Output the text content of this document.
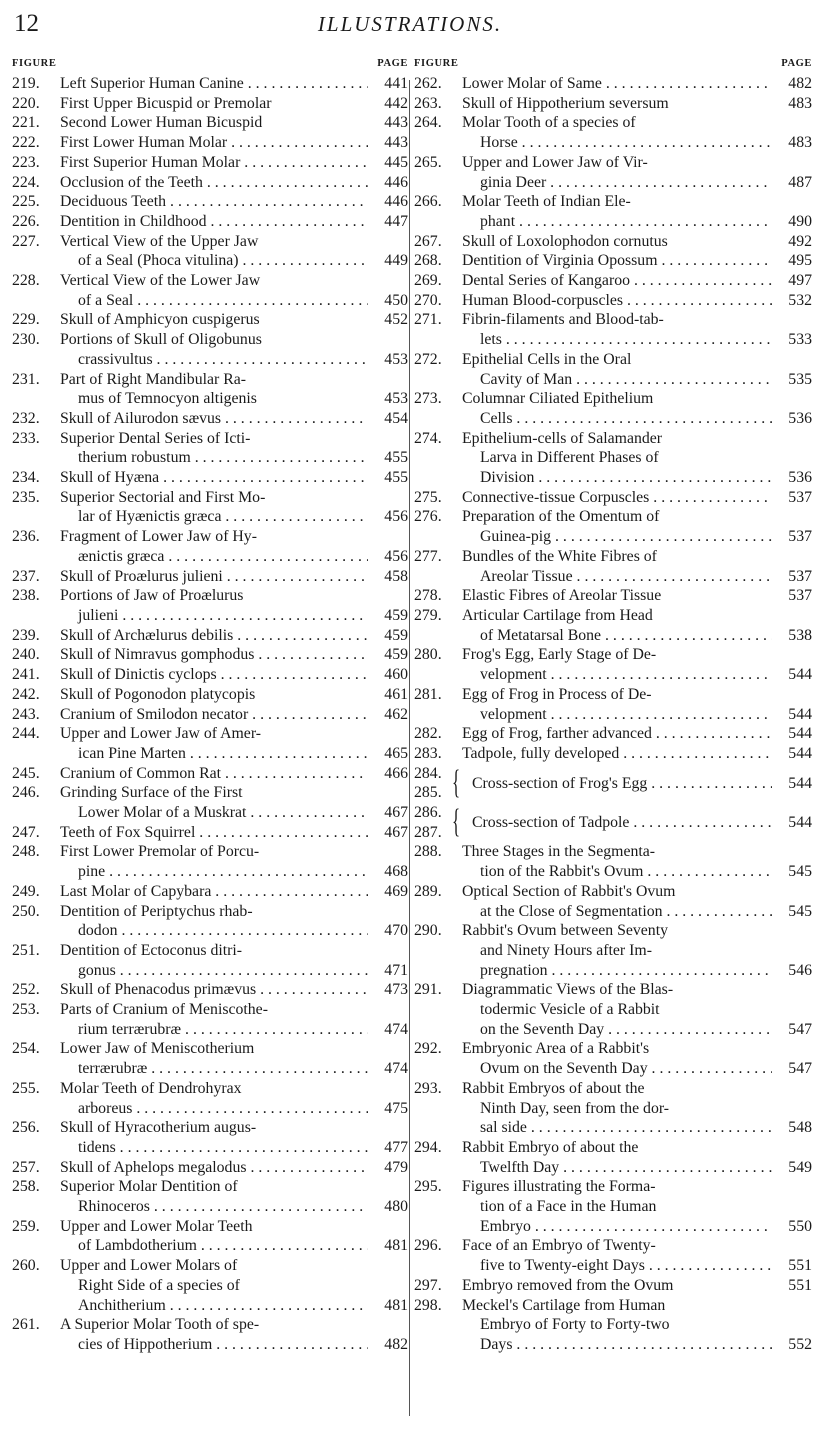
12	ILLUSTRATIONS.
FIGURE	PAGE
219.	Left Superior Human Canine . . .	441
220.	First Upper Bicuspid or Premolar	442
221.	Second Lower Human Bicuspid	443
222.	First Lower Human Molar . . .	443
223.	First Superior Human Molar . . .	445
224.	Occlusion of the Teeth . . .	446
225.	Deciduous Teeth . . .	446
226.	Dentition in Childhood . . .	447
227.	Vertical View of the Upper Jaw
of a Seal (Phoca vitulina) . . .	449
228.	Vertical View of the Lower Jaw
of a Seal . . .	450
229.	Skull of Amphicyon cuspigerus	452
230.	Portions of Skull of Oligobunus
crassivultus . . .	453
231.	Part of Right Mandibular Ra-
mus of Temnocyon altigenis	453
232.	Skull of Ailurodon sævus . . .	454
233.	Superior Dental Series of Icti-
therium robustum . . .	455
234.	Skull of Hyæna . . .	455
235.	Superior Sectorial and First Mo-
lar of Hyænictis græca . . .	456
236.	Fragment of Lower Jaw of Hy-
ænictis græca . . .	456
237.	Skull of Proælurus julieni . . .	458
238.	Portions of Jaw of Proælurus
julieni . . .	459
239.	Skull of Archælurus debilis . . .	459
240.	Skull of Nimravus gomphodus . . .	459
241.	Skull of Dinictis cyclops . . .	460
242.	Skull of Pogonodon platycopis	461
243.	Cranium of Smilodon necator . . .	462
244.	Upper and Lower Jaw of Amer-
ican Pine Marten . . .	465
245.	Cranium of Common Rat . . .	466
246.	Grinding Surface of the First
Lower Molar of a Muskrat . . .	467
247.	Teeth of Fox Squirrel . . .	467
248.	First Lower Premolar of Porcu-
pine . . .	468
249.	Last Molar of Capybara . . .	469
250.	Dentition of Periptychus rhab-
dodon . . .	470
251.	Dentition of Ectoconus ditri-
gonus . . .	471
252.	Skull of Phenacodus primævus . . .	473
253.	Parts of Cranium of Meniscothe-
rium terrærubræ . . .	474
254.	Lower Jaw of Meniscotherium
terrærubræ . . .	474
255.	Molar Teeth of Dendrohyrax
arboreus . . .	475
256.	Skull of Hyracotherium augus-
tidens . . .	477
257.	Skull of Aphelops megalodus . . .	479
258.	Superior Molar Dentition of
Rhinoceros . . .	480
259.	Upper and Lower Molar Teeth
of Lambdotherium . . .	481
260.	Upper and Lower Molars of
Right Side of a species of
Anchitherium . . .	481
261.	A Superior Molar Tooth of spe-
cies of Hippotherium . . .	482
FIGURE	PAGE
262.	Lower Molar of Same . . .	482
263.	Skull of Hippotherium seversum	483
264.	Molar Tooth of a species of
Horse . . .	483
265.	Upper and Lower Jaw of Vir-
ginia Deer . . .	487
266.	Molar Teeth of Indian Ele-
phant . . .	490
267.	Skull of Loxolophodon cornutus	492
268.	Dentition of Virginia Opossum . . .	495
269.	Dental Series of Kangaroo . . .	497
270.	Human Blood-corpuscles . . .	532
271.	Fibrin-filaments and Blood-tab-
lets . . .	533
272.	Epithelial Cells in the Oral
Cavity of Man . . .	535
273.	Columnar Ciliated Epithelium
Cells . . .	536
274.	Epithelium-cells of Salamander
Larva in Different Phases of
Division . . .	536
275.	Connective-tissue Corpuscles . . .	537
276.	Preparation of the Omentum of
Guinea-pig . . .	537
277.	Bundles of the White Fibres of
Areolar Tissue . . .	537
278.	Elastic Fibres of Areolar Tissue	537
279.	Articular Cartilage from Head
of Metatarsal Bone . . .	538
280.	Frog's Egg, Early Stage of De-
velopment . . .	544
281.	Egg of Frog in Process of De-
velopment . . .	544
282.	Egg of Frog, farther advanced . . .	544
283.	Tadpole, fully developed . . .	544
284.
285. { Cross-section of Frog's Egg . . .	544
286.
287. { Cross-section of Tadpole . . .	544
288.	Three Stages in the Segmenta-
tion of the Rabbit's Ovum . . .	545
289.	Optical Section of Rabbit's Ovum
at the Close of Segmentation . . .	545
290.	Rabbit's Ovum between Seventy
and Ninety Hours after Im-
pregnation . . .	546
291.	Diagrammatic Views of the Blas-
todermic Vesicle of a Rabbit
on the Seventh Day . . .	547
292.	Embryonic Area of a Rabbit's
Ovum on the Seventh Day . . .	547
293.	Rabbit Embryos of about the
Ninth Day, seen from the dor-
sal side . . .	548
294.	Rabbit Embryo of about the
Twelfth Day . . .	549
295.	Figures illustrating the Forma-
tion of a Face in the Human
Embryo . . .	550
296.	Face of an Embryo of Twenty-
five to Twenty-eight Days . . .	551
297.	Embryo removed from the Ovum	551
298.	Meckel's Cartilage from Human
Embryo of Forty to Forty-two
Days . . .	552
